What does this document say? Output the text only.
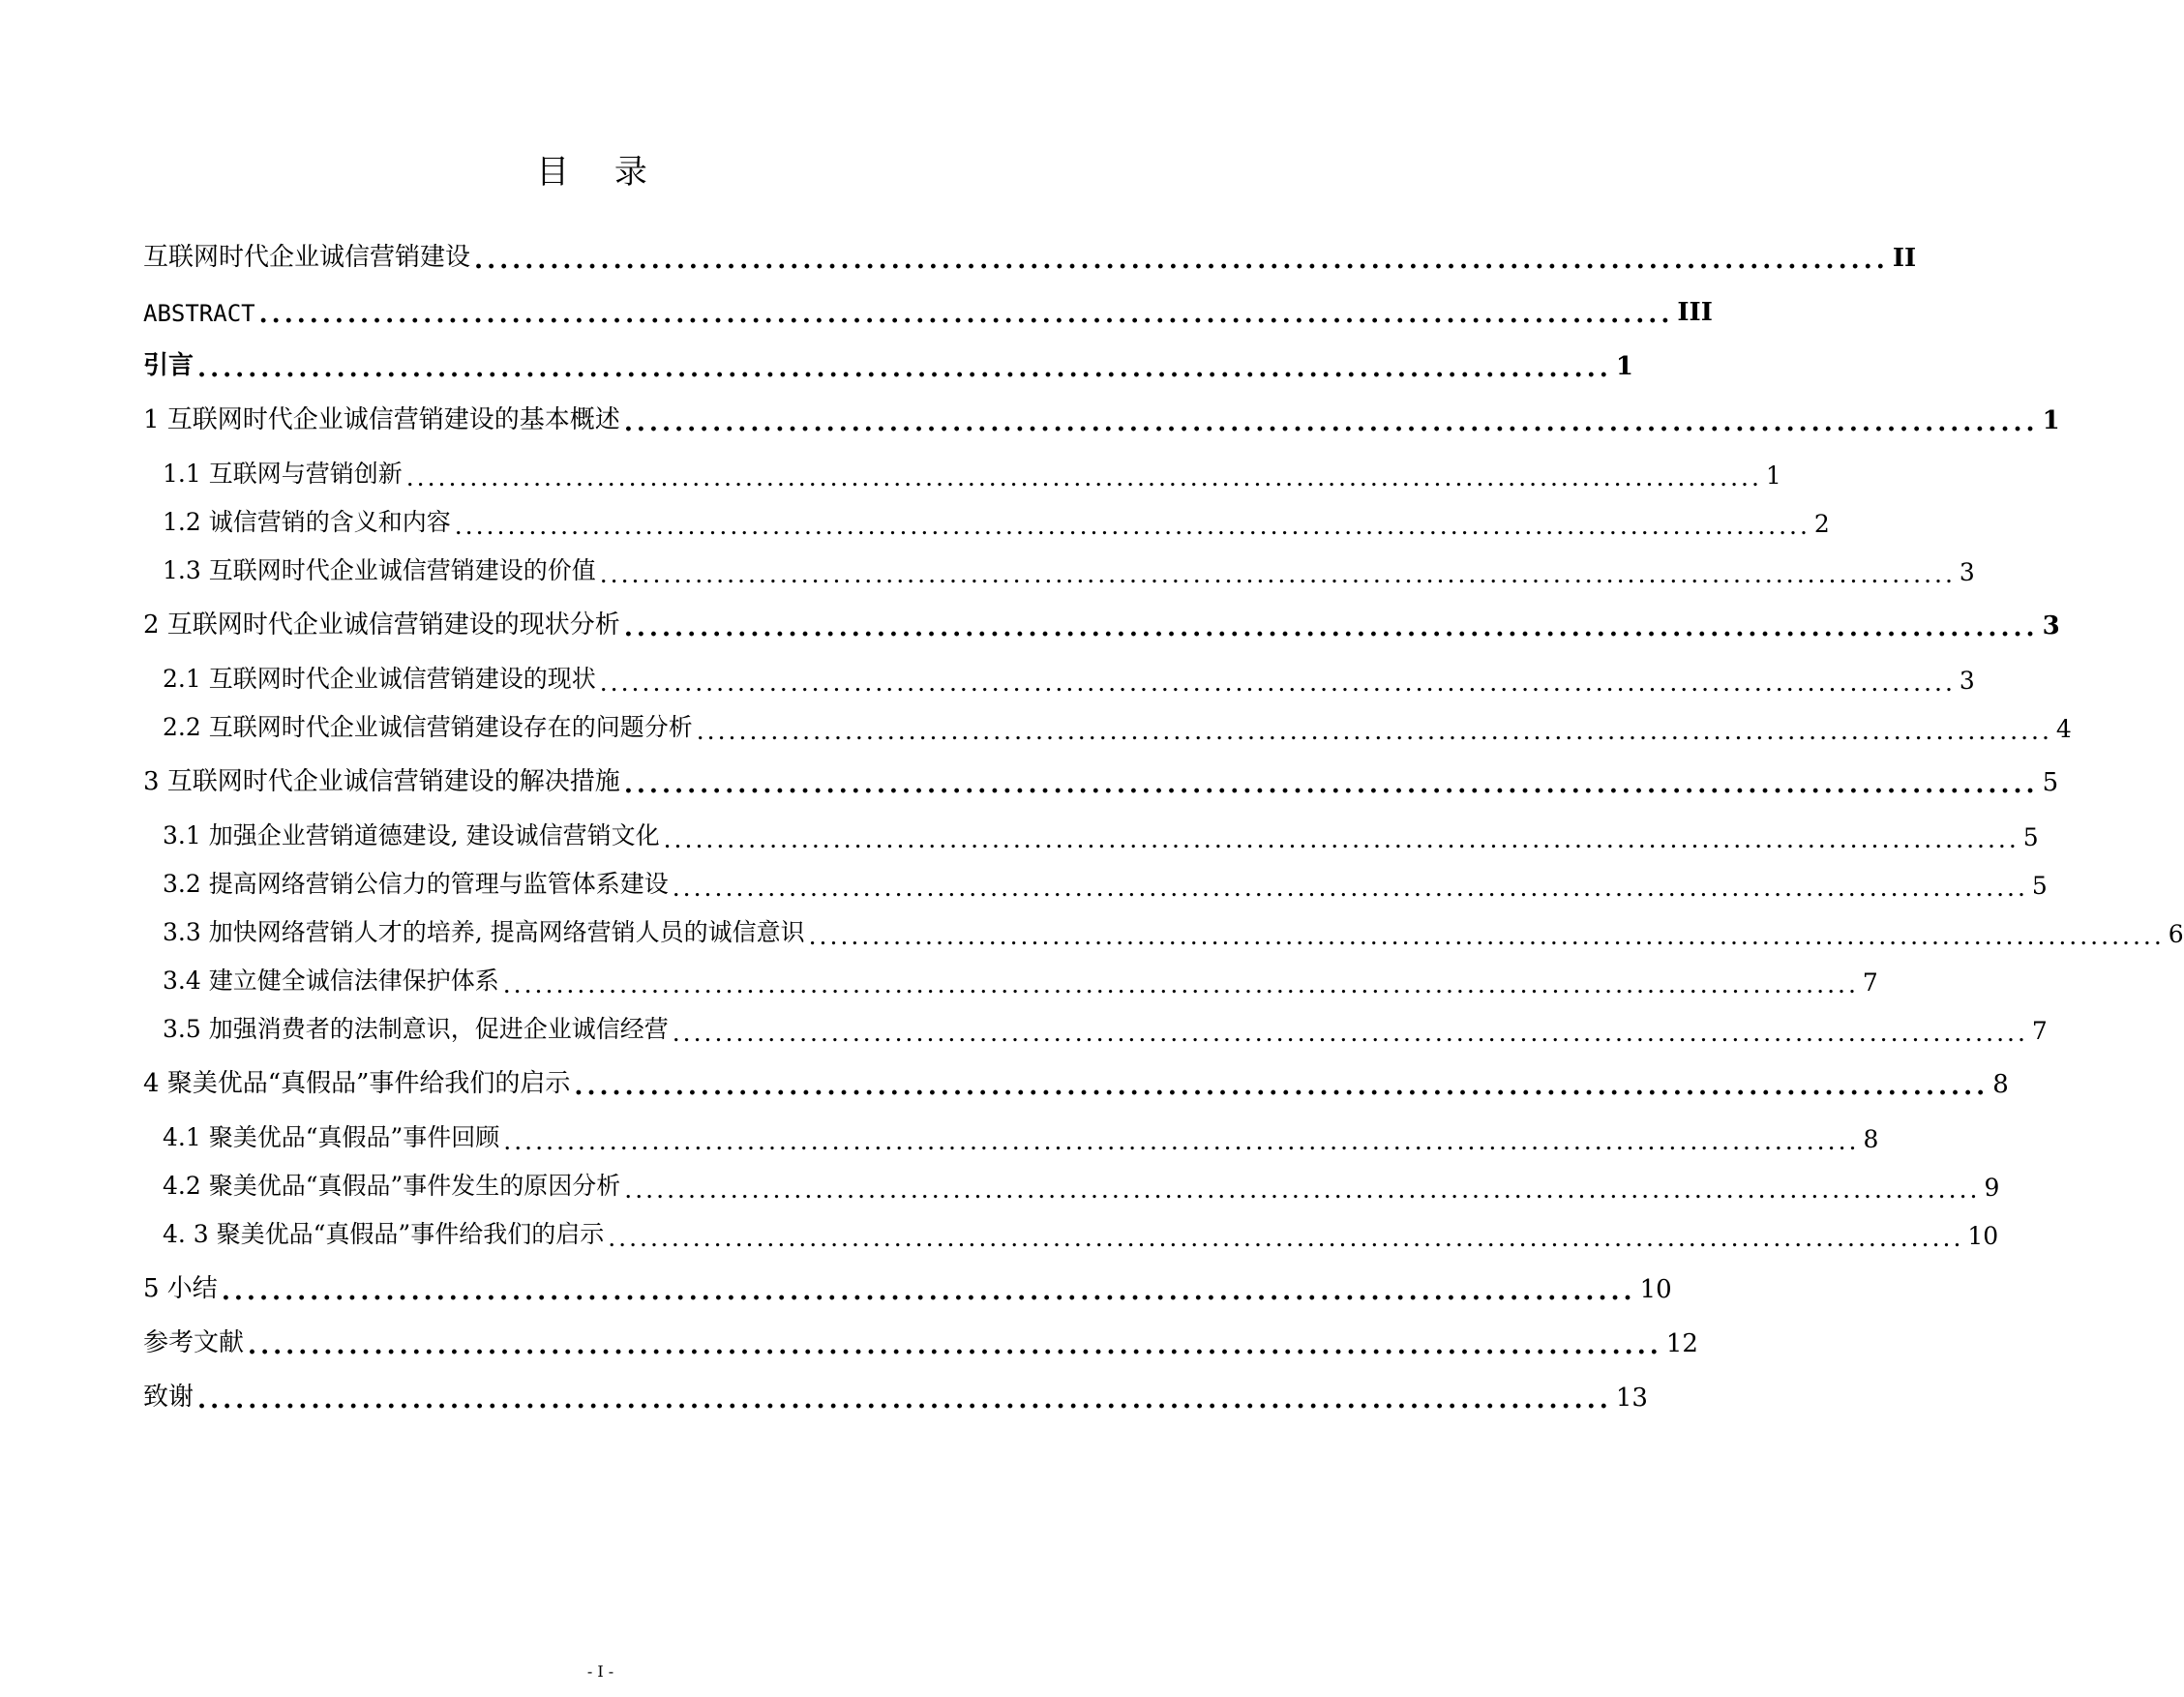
目 录
互联网时代企业诚信营销建设 ................................................................................................................ II
ABSTRACT ................................................................................................................ III
引言 ................................................................................................................ 1
1 互联网时代企业诚信营销建设的基本概述 ................................................................................................................ 1
1.1 互联网与营销创新 ................................................................................................................................ 1
1.2 诚信营销的含义和内容 ................................................................................................................................ 2
1.3 互联网时代企业诚信营销建设的价值 ................................................................................................................................ 3
2 互联网时代企业诚信营销建设的现状分析 ................................................................................................................ 3
2.1 互联网时代企业诚信营销建设的现状 ................................................................................................................................ 3
2.2 互联网时代企业诚信营销建设存在的问题分析 ................................................................................................................................ 4
3 互联网时代企业诚信营销建设的解决措施 ................................................................................................................ 5
3.1 加强企业营销道德建设, 建设诚信营销文化 ................................................................................................................................ 5
3.2 提高网络营销公信力的管理与监管体系建设 ................................................................................................................................ 5
3.3 加快网络营销人才的培养, 提高网络营销人员的诚信意识 ................................................................................................................................ 6
3.4 建立健全诚信法律保护体系 ................................................................................................................................ 7
3.5 加强消费者的法制意识，促进企业诚信经营 ................................................................................................................................ 7
4 聚美优品“真假品”事件给我们的启示 ................................................................................................................ 8
4.1 聚美优品“真假品”事件回顾 ................................................................................................................................ 8
4.2 聚美优品“真假品”事件发生的原因分析 ................................................................................................................................ 9
4. 3 聚美优品“真假品”事件给我们的启示 ................................................................................................................................ 10
5 小结 ................................................................................................................ 10
参考文献 ................................................................................................................ 12
致谢 ................................................................................................................ 13
- I -
